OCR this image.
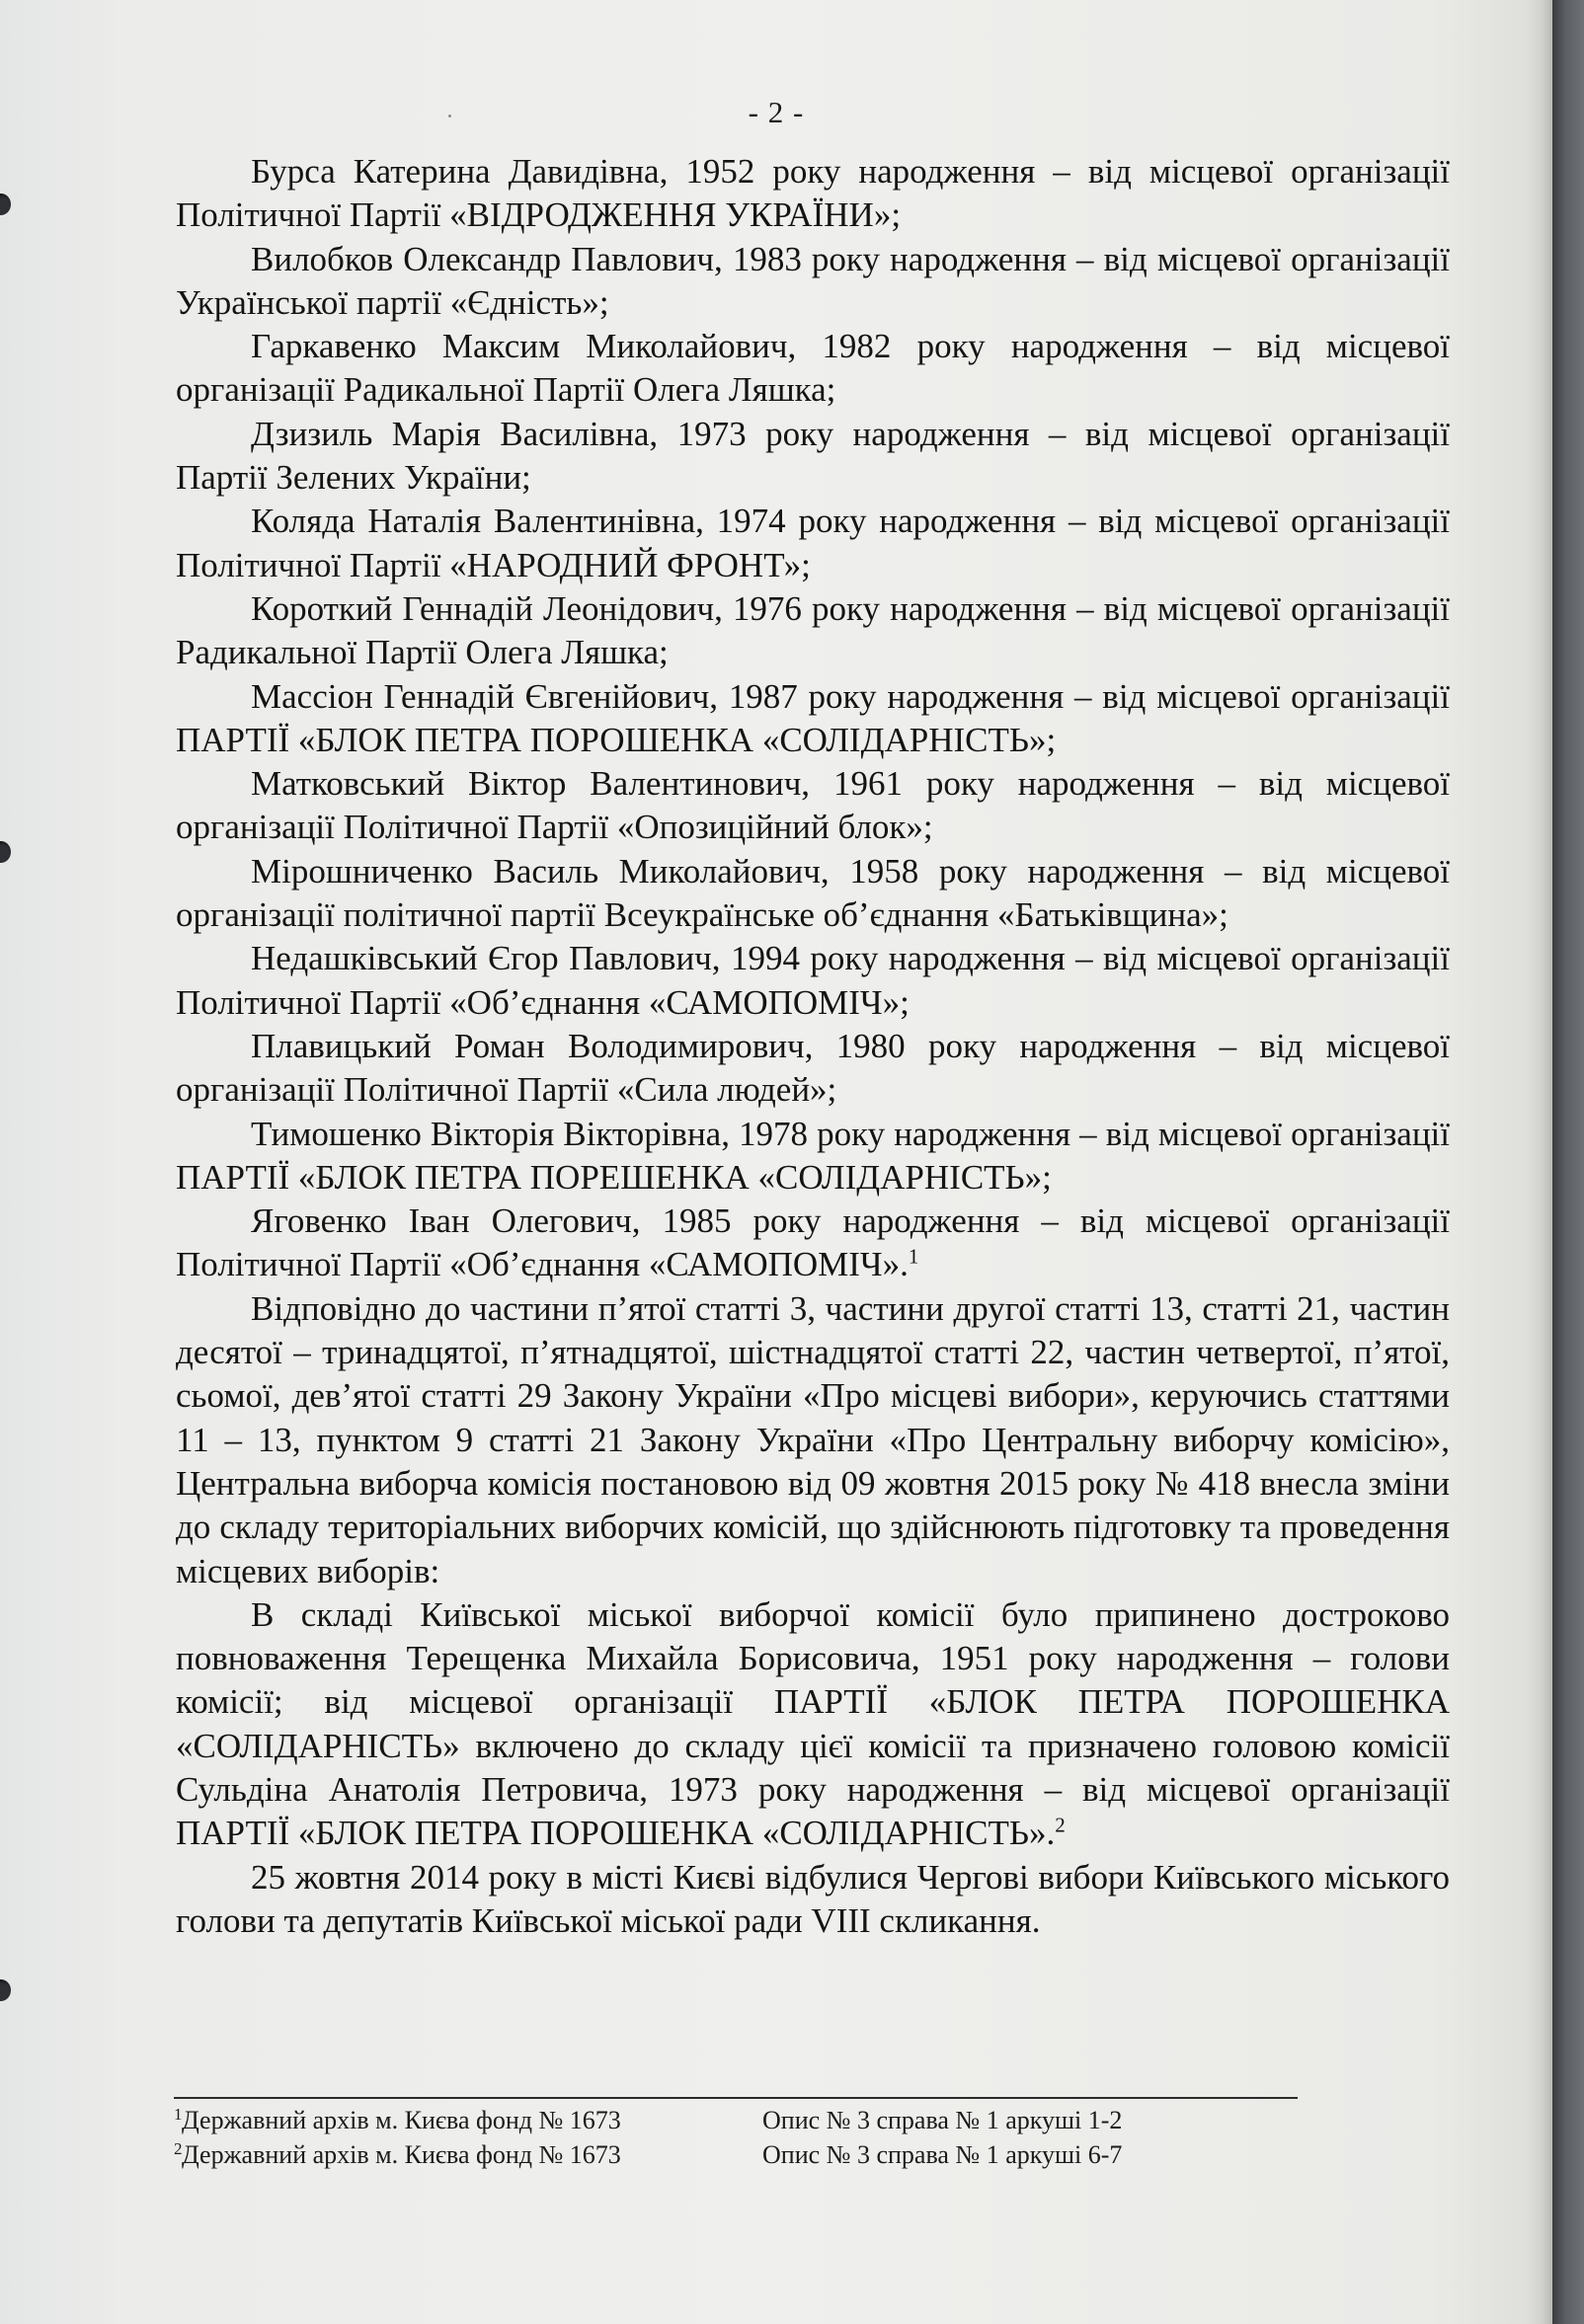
- 2 -

Бурса Катерина Давидівна, 1952 року народження – від місцевої організації Політичної Партії «ВІДРОДЖЕННЯ УКРАЇНИ»;

Вилобков Олександр Павлович, 1983 року народження – від місцевої організації Української партії «Єдність»;

Гаркавенко Максим Миколайович, 1982 року народження – від місцевої організації Радикальної Партії Олега Ляшка;

Дзизиль Марія Василівна, 1973 року народження – від місцевої організації Партії Зелених України;

Коляда Наталія Валентинівна, 1974 року народження – від місцевої організації Політичної Партії «НАРОДНИЙ ФРОНТ»;

Короткий Геннадій Леонідович, 1976 року народження – від місцевої організації Радикальної Партії Олега Ляшка;

Массіон Геннадій Євгенійович, 1987 року народження – від місцевої організації ПАРТІЇ «БЛОК ПЕТРА ПОРОШЕНКА «СОЛІДАРНІСТЬ»;

Матковський Віктор Валентинович, 1961 року народження – від місцевої організації Політичної Партії «Опозиційний блок»;

Мірошниченко Василь Миколайович, 1958 року народження – від місцевої організації політичної партії Всеукраїнське об’єднання «Батьківщина»;

Недашківський Єгор Павлович, 1994 року народження – від місцевої організації Політичної Партії «Об’єднання «САМОПОМІЧ»;

Плавицький Роман Володимирович, 1980 року народження – від місцевої організації Політичної Партії «Сила людей»;

Тимошенко Вікторія Вікторівна, 1978 року народження – від місцевої організації ПАРТІЇ «БЛОК ПЕТРА ПОРЕШЕНКА «СОЛІДАРНІСТЬ»;

Яговенко Іван Олегович, 1985 року народження – від місцевої організації Політичної Партії «Об’єднання «САМОПОМІЧ».$^1$

Відповідно до частини п’ятої статті 3, частини другої статті 13, статті 21, частин десятої – тринадцятої, п’ятнадцятої, шістнадцятої статті 22, частин четвертої, п’ятої, сьомої, дев’ятої статті 29 Закону України «Про місцеві вибори», керуючись статтями 11 – 13, пунктом 9 статті 21 Закону України «Про Центральну виборчу комісію», Центральна виборча комісія постановою від 09 жовтня 2015 року № 418 внесла зміни до складу територіальних виборчих комісій, що здійснюють підготовку та проведення місцевих виборів:

В складі Київської міської виборчої комісії було припинено достроково повноваження Терещенка Михайла Борисовича, 1951 року народження – голови комісії; від місцевої організації ПАРТІЇ «БЛОК ПЕТРА ПОРОШЕНКА «СОЛІДАРНІСТЬ» включено до складу цієї комісії та призначено головою комісії Сульдіна Анатолія Петровича, 1973 року народження – від місцевої організації ПАРТІЇ «БЛОК ПЕТРА ПОРОШЕНКА «СОЛІДАРНІСТЬ».$^2$

25 жовтня 2014 року в місті Києві відбулися Чергові вибори Київського міського голови та депутатів Київської міської ради VIII скликання.

1 Державний архів м. Києва фонд № 1673	Опис № 3 справа № 1 аркуші 1-2
2 Державний архів м. Києва фонд № 1673	Опис № 3 справа № 1 аркуші 6-7
